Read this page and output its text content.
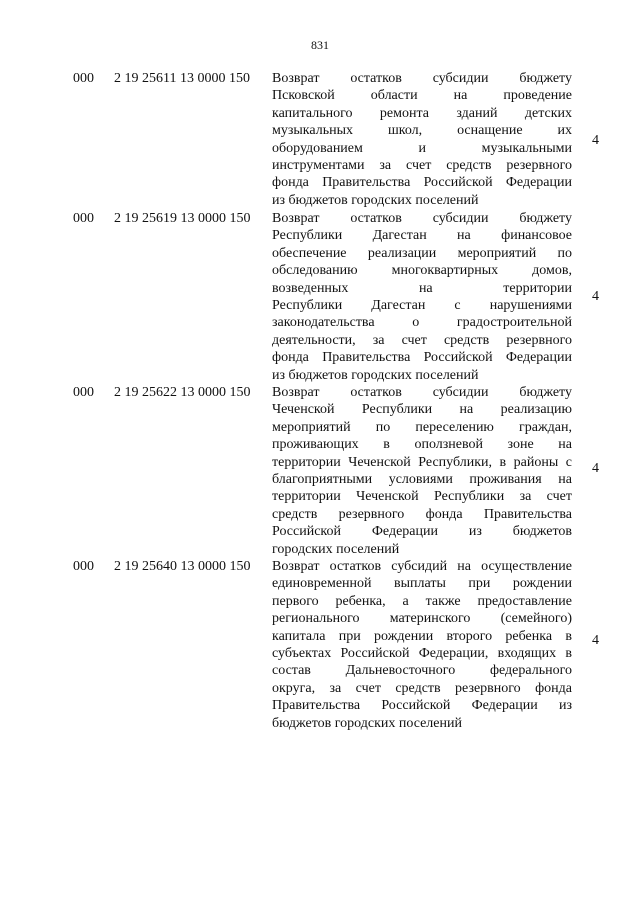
831
000 2 19 25611 13 0000 150 Возврат остатков субсидии бюджету
Псковской области на проведение
капитального ремонта зданий детских
музыкальных школ, оснащение их
оборудованием и музыкальными
инструментами за счет средств резервного
фонда Правительства Российской Федерации
из бюджетов городских поселений
4
000 2 19 25619 13 0000 150 Возврат остатков субсидии бюджету
Республики Дагестан на финансовое
обеспечение реализации мероприятий по
обследованию многоквартирных домов,
возведенных на территории
Республики Дагестан с нарушениями
законодательства о градостроительной
деятельности, за счет средств резервного
фонда Правительства Российской Федерации
из бюджетов городских поселений
4
000 2 19 25622 13 0000 150 Возврат остатков субсидии бюджету
Чеченской Республики на реализацию
мероприятий по переселению граждан,
проживающих в оползневой зоне на
территории Чеченской Республики, в районы с
благоприятными условиями проживания на
территории Чеченской Республики за счет
средств резервного фонда Правительства
Российской Федерации из бюджетов
городских поселений
4
000 2 19 25640 13 0000 150 Возврат остатков субсидий на осуществление
единовременной выплаты при рождении
первого ребенка, а также предоставление
регионального материнского (семейного)
капитала при рождении второго ребенка в
субъектах Российской Федерации, входящих в
состав Дальневосточного федерального
округа, за счет средств резервного фонда
Правительства Российской Федерации из
бюджетов городских поселений
4
